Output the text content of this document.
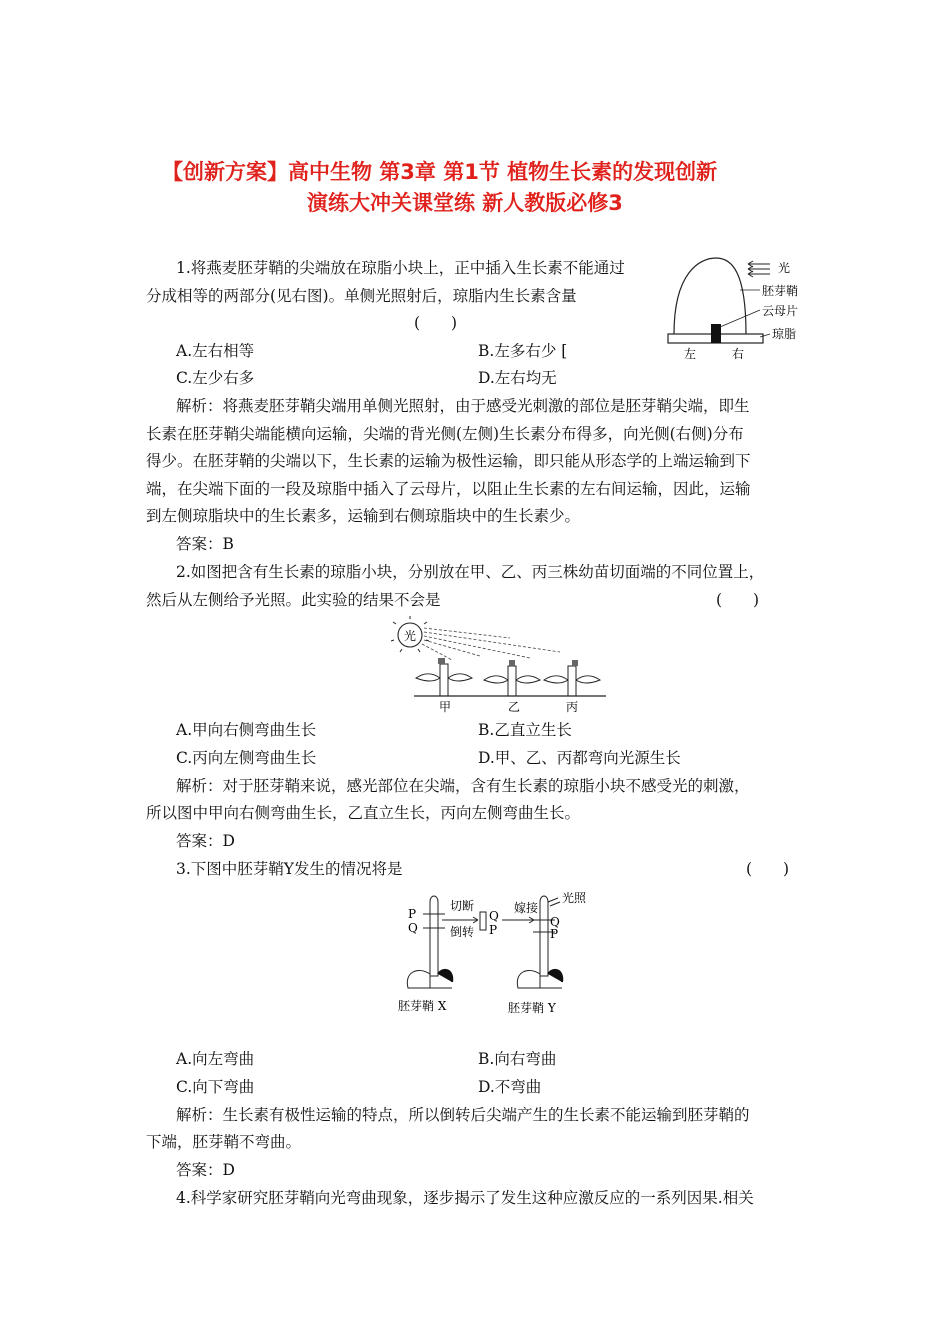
【创新方案】高中生物 第3章 第1节 植物生长素的发现创新
演练大冲关课堂练 新人教版必修3
1.将燕麦胚芽鞘的尖端放在琼脂小块上，正中插入生长素不能通过
分成相等的两部分(见右图)。单侧光照射后，琼脂内生长素含量
(　　)
A.左右相等	B.左多右少 [
C.左少右多	D.左右均无
解析：将燕麦胚芽鞘尖端用单侧光照射，由于感受光刺激的部位是胚芽鞘尖端，即生
长素在胚芽鞘尖端能横向运输，尖端的背光侧(左侧)生长素分布得多，向光侧(右侧)分布
得少。在胚芽鞘的尖端以下，生长素的运输为极性运输，即只能从形态学的上端运输到下
端，在尖端下面的一段及琼脂中插入了云母片，以阻止生长素的左右间运输，因此，运输
到左侧琼脂块中的生长素多，运输到右侧琼脂块中的生长素少。
答案：B
光
胚芽鞘
云母片
琼脂
左	右
2.如图把含有生长素的琼脂小块，分别放在甲、乙、丙三株幼苗切面端的不同位置上，
然后从左侧给予光照。此实验的结果不会是	(　　)
光
甲	乙	丙
A.甲向右侧弯曲生长	B.乙直立生长
C.丙向左侧弯曲生长	D.甲、乙、丙都弯向光源生长
解析：对于胚芽鞘来说，感光部位在尖端，含有生长素的琼脂小块不感受光的刺激，
所以图中甲向右侧弯曲生长，乙直立生长，丙向左侧弯曲生长。
答案：D
3.下图中胚芽鞘Y发生的情况将是	(　　)
P
Q
切断
倒转
Q
P
嫁接
Q
P
光照
胚芽鞘 X	胚芽鞘 Y
A.向左弯曲	B.向右弯曲
C.向下弯曲	D.不弯曲
解析：生长素有极性运输的特点，所以倒转后尖端产生的生长素不能运输到胚芽鞘的
下端，胚芽鞘不弯曲。
答案：D
4.科学家研究胚芽鞘向光弯曲现象，逐步揭示了发生这种应激反应的一系列因果.相关
